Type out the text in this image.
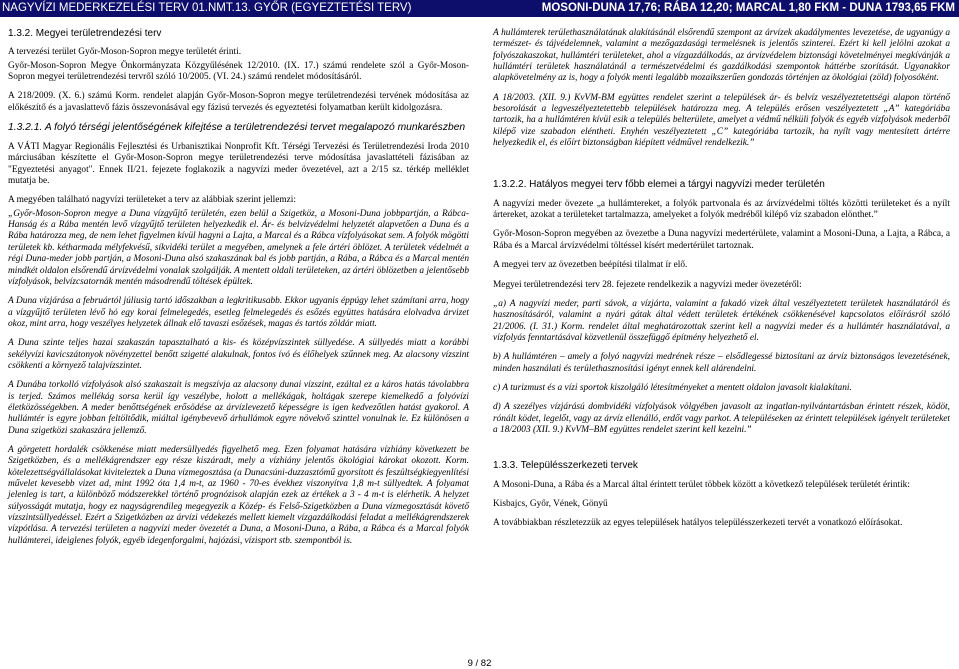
NAGYVÍZI MEDERKEZELÉSI TERV 01.NMT.13. GYŐR (EGYEZTETÉSI TERV)	MOSONI-DUNA 17,76; RÁBA 12,20; MARCAL 1,80 FKM - DUNA 1793,65 FKM

1.3.2. Megyei területrendezési terv

A tervezési terület Győr-Moson-Sopron megye területét érinti.

Győr-Moson-Sopron Megye Önkormányzata Közgyűlésének 12/2010. (IX. 17.) számú rendelete szól a Győr-Moson-Sopron megyei területrendezési tervről szóló 10/2005. (VI. 24.) számú rendelet módosításáról.

A 218/2009. (X. 6.) számú Korm. rendelet alapján Győr-Moson-Sopron megye területrendezési tervének módosítása az előkészítő és a javaslattevő fázis összevonásával egy fázisú tervezés és egyeztetési folyamatban került kidolgozásra.

1.3.2.1. A folyó térségi jelentőségének kifejtése a területrendezési tervet megalapozó munkarészben

A VÁTI Magyar Regionális Fejlesztési és Urbanisztikai Nonprofit Kft. Térségi Tervezési és Területrendezési Iroda 2010 márciusában készítette el Győr-Moson-Sopron megye területrendezési terve módosítása javaslattételi fázisában az "Egyeztetési anyagot". Ennek II/21. fejezete foglakozik a nagyvízi meder övezetével, azt a 2/15 sz. térkép melléklet mutatja be.

A megyében található nagyvízi területeket a terv az alábbiak szerint jellemzi:

„Győr-Moson-Sopron megye a Duna vízgyűjtő területén, ezen belül a Szigetköz, a Mosoni-Duna jobbpartján, a Rábca-Hanság és a Rába mentén levő vízgyűjtő területen helyezkedik el. Ár- és belvízvédelmi helyzetét alapvetően a Duna és a Rába határozza meg, de nem lehet figyelmen kívül hagyni a Lajta, a Marcal és a Rábca vízfolyásokat sem. A folyók mögötti területek kb. kétharmada mélyfekvésű, síkvidéki terület a megyében, amelynek a fele ártéri öblözet. A területek védelmét a régi Duna-meder jobb partján, a Mosoni-Duna alsó szakaszának bal és jobb partján, a Rába, a Rábca és a Marcal mentén mindkét oldalon elsőrendű árvízvédelmi vonalak szolgálják. A mentett oldali területeken, az ártéri öblözetben a jelentősebb vízfolyások, belvízcsatornák mentén másodrendű töltések épültek.

A Duna vízjárása a februártól júliusig tartó időszakban a legkritikusabb. Ekkor ugyanis éppúgy lehet számítani arra, hogy a vízgyűjtő területen lévő hó egy korai felmelegedés, esetleg felmelegedés és esőzés együttes hatására elolvadva árvizet okoz, mint arra, hogy veszélyes helyzetek állnak elő tavaszi esőzések, magas és tartós zöldár miatt.

A Duna szinte teljes hazai szakaszán tapasztalható a kis- és középvízszintek süllyedése. A süllyedés miatt a korábbi sekélyvízi kavicszátonyok növényzettel benőtt szigetté alakulnak, fontos ívó és élőhelyek szűnnek meg. Az alacsony vízszint csökkenti a környező talajvízszintet.

A Dunába torkolló vízfolyások alsó szakaszait is megszívja az alacsony dunai vízszint, ezáltal ez a káros hatás távolabbra is terjed. Számos mellékág sorsa kerül így veszélybe, holott a mellékágak, holtágak szerepe kiemelkedő a folyóvízi életközösségekben. A meder benőttségének erősödése az árvízlevezető képességre is igen kedvezőtlen hatást gyakorol. A hullámtér is egyre jobban feltöltődik, miáltal igénybevevő árhullámok egyre növekvő szinttel vonulnak le. Ez különösen a Duna szigetközi szakaszára jellemző.

A görgetett hordalék csökkenése miatt medersüllyedés figyelhető meg. Ezen folyamat hatására vízhiány következett be Szigetközben, és a mellékágrendszer egy része kiszáradt, mely a vízhiány jelentős ökológiai károkat okozott. Korm. kötelezettségvállalásokat kiviteleztek a Duna vízmegosztása (a Dunacsúni-duzzasztómű gyorsított és feszültségkiegyenlítési művelet kevesebb vizet ad, mint 1992 óta 1,4 m-t, az 1960 - 70-es évekhez viszonyítva 1,8 m-t süllyedtek. A folyamat jelenleg is tart, a különböző módszerekkel történő prognózisok alapján ezek az értékek a 3 - 4 m-t is elérhetik. A helyzet súlyosságát mutatja, hogy ez nagyságrendileg megegyezik a Közép- és Felső-Szigetközben a Duna vízmegosztását követő vízszintsüllyedéssel. Ezért a Szigetközben az árvízi védekezés mellett kiemelt vízgazdálkodási feladat a mellékágrendszerek vízpótlása. A tervezési területen a nagyvízi meder övezetét a Duna, a Mosoni-Duna, a Rába, a Rábca és a Marcal folyók hullámterei, ideiglenes folyók, egyéb idegenforgalmi, hajózási, vízisport stb. szempontból is.

A hullámterek területhasználatának alakításánál elsőrendű szempont az árvízek akadálymentes levezetése, de ugyanúgy a természet- és tájvédelemnek, valamint a mezőgazdasági termelésnek is jelentős szinterei. Ezért ki kell jelölni azokat a folyószakaszokat, hullámtéri területeket, ahol a vízgazdálkodás, az árvízvédelem biztonsági követelményei megkívánják a hullámtéri területek használatánál a természetvédelmi és gazdálkodási szempontok háttérbe szorítását. Ugyanakkor alapkövetelmény az is, hogy a folyók menti legalább mozaikszerűen gondozás történjen az ökológiai (zöld) folyosóként.

A 18/2003. (XII. 9.) KvVM-BM együttes rendelet szerint a települések ár- és belvíz veszélyeztetettségi alapon történő besorolását a legveszélyeztetettebb települések határozza meg. A település erősen veszélyeztetett „A” kategóriába tartozik, ha a hullámtéren kívül esik a település belterülete, amelyet a védmű nélküli folyók és egyéb vízfolyások mederből kilépő vize szabadon eléntheti. Enyhén veszélyeztetett „C” kategóriába tartozik, ha nyílt vagy mentesített ártérre helyezkedik el, és előírt biztonságban kiépített védművel rendelkezik.”

1.3.2.2. Hatályos megyei terv főbb elemei a tárgyi nagyvízi meder területén

A nagyvízi meder övezete „a hullámtereket, a folyók partvonala és az árvízvédelmi töltés közötti területeket és a nyílt ártereket, azokat a területeket tartalmazza, amelyeket a folyók medréből kilépő víz szabadon elönthet.”

Győr-Moson-Sopron megyében az övezetbe a Duna nagyvízi medertérülete, valamint a Mosoni-Duna, a Lajta, a Rábca, a Rába és a Marcal árvízvédelmi töltéssel kísért medertérület tartoznak.

A megyei terv az övezetben beépítési tilalmat ír elő.

Megyei területrendezési terv 28. fejezete rendelkezik a nagyvízi meder övezetéről:

„a) A nagyvízi meder, parti sávok, a vízjárta, valamint a fakadó vizek által veszélyeztetett területek használatáról és hasznosításáról, valamint a nyári gátak által védett területek értékének csökkenésével kapcsolatos előírásról szóló 21/2006. (I. 31.) Korm. rendelet által meghatározottak szerint kell a nagyvízi meder és a hullámtér használatával, a vízfolyás fenntartásával közvetlenül összefüggő építmény helyezhető el.

b) A hullámtéren – amely a folyó nagyvízi medrének része – elsődlegessé biztosítani az árvíz biztonságos levezetésének, minden használati és területhasznosítási igényt ennek kell alárendelni.

c) A turizmust és a vízi sportok kiszolgáló létesítményeket a mentett oldalon javasolt kialakítani.

d) A szezélyes vízjárású dombvidéki vízfolyások völgyében javasolt az ingatlan-nyilvántartásban érintett részek, ködöt, rónált ködet, legelőt, vagy az árvíz ellenálló, erdőt vagy parkot. A településeken az érintett települések igényelt területeket a 18/2003 (XII. 9.) KvVM–BM együttes rendelet szerint kell kezelni.”

1.3.3. Településszerkezeti tervek

A Mosoni-Duna, a Rába és a Marcal által érintett terület többek között a következő települések területét érintik:

Kisbajcs, Győr, Vének, Gönyű

A továbbiakban részletezzük az egyes települések hatályos településszerkezeti tervét a vonatkozó előírásokat.

9 / 82
